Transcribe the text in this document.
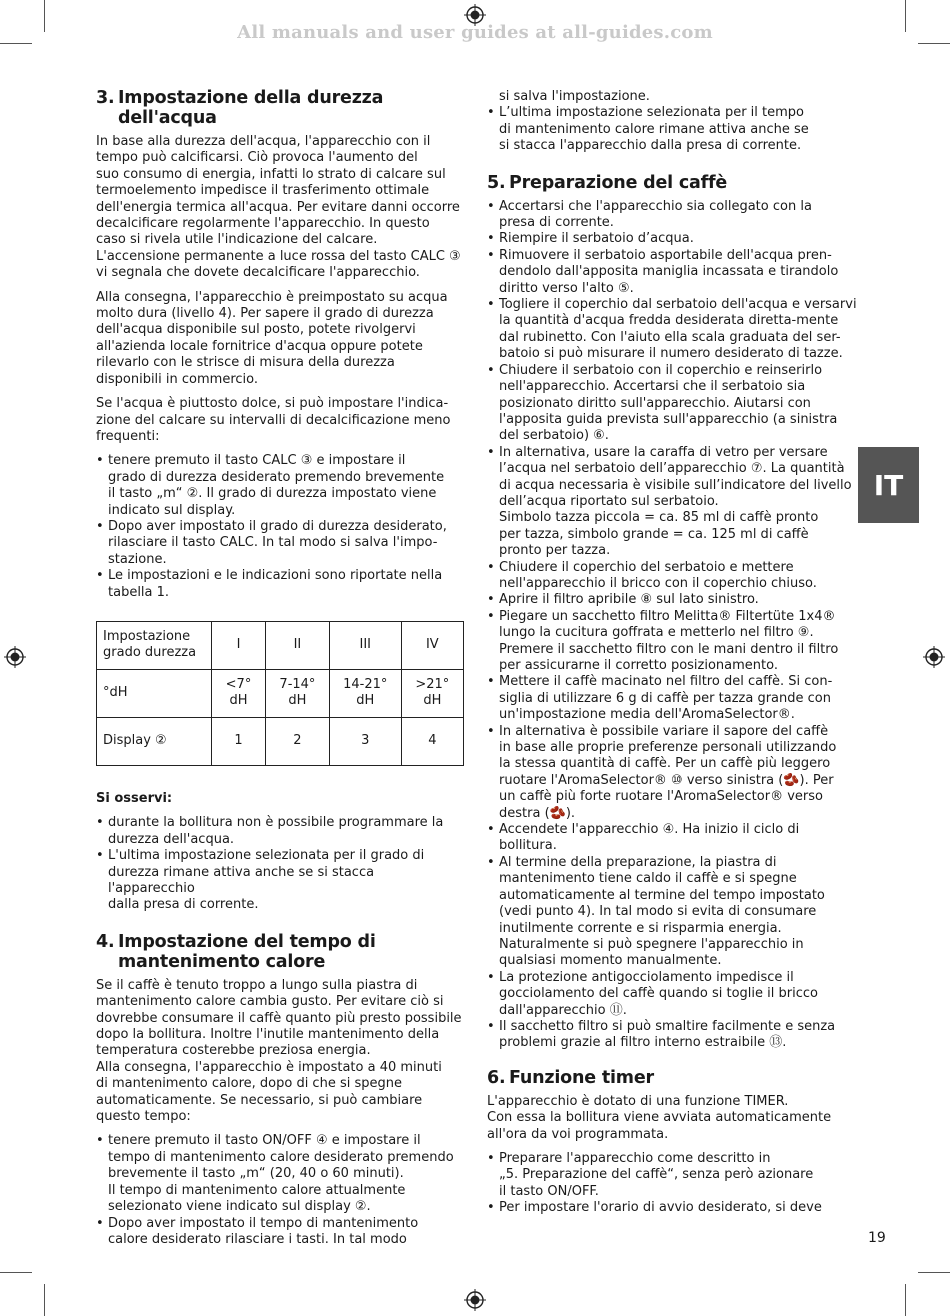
All manuals and user guides at all-guides.com
IT
3. Impostazione della durezza
dell'acqua

In base alla durezza dell'acqua, l'apparecchio con il
tempo può calcificarsi. Ciò provoca l'aumento del
suo consumo di energia, infatti lo strato di calcare sul
termoelemento impedisce il trasferimento ottimale
dell'energia termica all'acqua. Per evitare danni occorre
decalcificare regolarmente l'apparecchio. In questo
caso si rivela utile l'indicazione del calcare.
L'accensione permanente a luce rossa del tasto CALC ③
vi segnala che dovete decalcificare l'apparecchio.

Alla consegna, l'apparecchio è preimpostato su acqua
molto dura (livello 4). Per sapere il grado di durezza
dell'acqua disponibile sul posto, potete rivolgervi
all'azienda locale fornitrice d'acqua oppure potete
rilevarlo con le strisce di misura della durezza
disponibili in commercio.

Se l'acqua è piuttosto dolce, si può impostare l'indica-
zione del calcare su intervalli di decalcificazione meno
frequenti:

• tenere premuto il tasto CALC ③ e impostare il
grado di durezza desiderato premendo brevemente
il tasto „m“ ②. Il grado di durezza impostato viene
indicato sul display.
• Dopo aver impostato il grado di durezza desiderato,
rilasciare il tasto CALC. In tal modo si salva l'impo-
stazione.
• Le impostazioni e le indicazioni sono riportate nella
tabella 1.
Impostazione grado durezza	I	II	III	IV
°dH	<7° dH	7-14° dH	14-21° dH	>21° dH
Display ②	1	2	3	4

Si osservi:

• durante la bollitura non è possibile programmare la
durezza dell'acqua.
• L'ultima impostazione selezionata per il grado di
durezza rimane attiva anche se si stacca l'apparecchio
dalla presa di corrente.
4. Impostazione del tempo di
mantenimento calore

Se il caffè è tenuto troppo a lungo sulla piastra di
mantenimento calore cambia gusto. Per evitare ciò si
dovrebbe consumare il caffè quanto più presto possibile
dopo la bollitura. Inoltre l'inutile mantenimento della
temperatura costerebbe preziosa energia.
Alla consegna, l'apparecchio è impostato a 40 minuti
di mantenimento calore, dopo di che si spegne
automaticamente. Se necessario, si può cambiare
questo tempo:

• tenere premuto il tasto ON/OFF ④ e impostare il
tempo di mantenimento calore desiderato premendo
brevemente il tasto „m“ (20, 40 o 60 minuti).
Il tempo di mantenimento calore attualmente
selezionato viene indicato sul display ②.
• Dopo aver impostato il tempo di mantenimento
calore desiderato rilasciare i tasti. In tal modo

si salva l'impostazione.

• L’ultima impostazione selezionata per il tempo
di mantenimento calore rimane attiva anche se
si stacca l'apparecchio dalla presa di corrente.
5. Preparazione del caffè
• Accertarsi che l'apparecchio sia collegato con la
presa di corrente.
• Riempire il serbatoio d’acqua.
• Rimuovere il serbatoio asportabile dell'acqua pren-
dendolo dall'apposita maniglia incassata e tirandolo
diritto verso l'alto ⑤.
• Togliere il coperchio dal serbatoio dell'acqua e versarvi
la quantità d'acqua fredda desiderata diretta-mente
dal rubinetto. Con l'aiuto ella scala graduata del ser-
batoio si può misurare il numero desiderato di tazze.
• Chiudere il serbatoio con il coperchio e reinserirlo
nell'apparecchio. Accertarsi che il serbatoio sia
posizionato diritto sull'apparecchio. Aiutarsi con
l'apposita guida prevista sull'apparecchio (a sinistra
del serbatoio) ⑥.
• In alternativa, usare la caraffa di vetro per versare
l’acqua nel serbatoio dell’apparecchio ⑦. La quantità
di acqua necessaria è visibile sull’indicatore del livello
dell’acqua riportato sul serbatoio.
Simbolo tazza piccola = ca. 85 ml di caffè pronto
per tazza, simbolo grande = ca. 125 ml di caffè
pronto per tazza.
• Chiudere il coperchio del serbatoio e mettere
nell'apparecchio il bricco con il coperchio chiuso.
• Aprire il filtro apribile ⑧ sul lato sinistro.
• Piegare un sacchetto filtro Melitta® Filtertüte 1x4®
lungo la cucitura goffrata e metterlo nel filtro ⑨.
Premere il sacchetto filtro con le mani dentro il filtro
per assicurarne il corretto posizionamento.
• Mettere il caffè macinato nel filtro del caffè. Si con-
siglia di utilizzare 6 g di caffè per tazza grande con
un'impostazione media dell'AromaSelector®.
• In alternativa è possibile variare il sapore del caffè
in base alle proprie preferenze personali utilizzando
la stessa quantità di caffè. Per un caffè più leggero
ruotare l'AromaSelector® ⑩ verso sinistra (🫘). Per
un caffè più forte ruotare l'AromaSelector® verso
destra (🫘).
• Accendete l'apparecchio ④. Ha inizio il ciclo di
bollitura.
• Al termine della preparazione, la piastra di
mantenimento tiene caldo il caffè e si spegne
automaticamente al termine del tempo impostato
(vedi punto 4). In tal modo si evita di consumare
inutilmente corrente e si risparmia energia.
Naturalmente si può spegnere l'apparecchio in
qualsiasi momento manualmente.
• La protezione antigocciolamento impedisce il
gocciolamento del caffè quando si toglie il bricco
dall'apparecchio ⑪.
• Il sacchetto filtro si può smaltire facilmente e senza
problemi grazie al filtro interno estraibile ⑬.
6. Funzione timer

L'apparecchio è dotato di una funzione TIMER.
Con essa la bollitura viene avviata automaticamente
all'ora da voi programmata.

• Preparare l'apparecchio come descritto in
„5. Preparazione del caffè“, senza però azionare
il tasto ON/OFF.
• Per impostare l'orario di avvio desiderato, si deve
19
